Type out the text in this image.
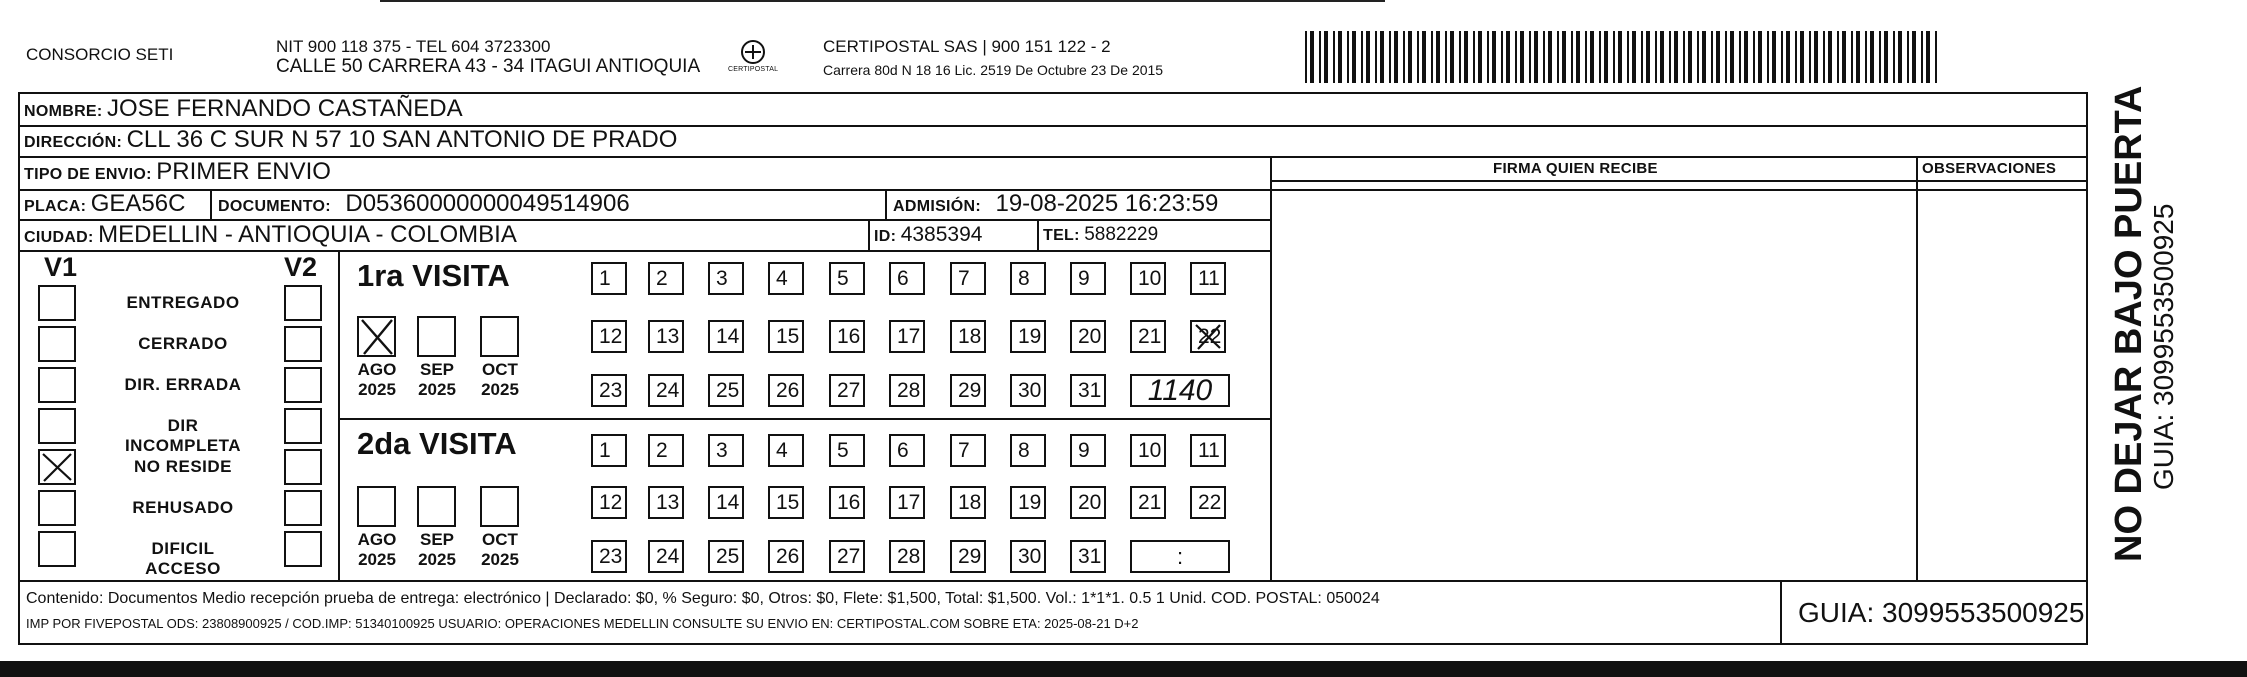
CONSORCIO SETI	NIT 900 118 375 - TEL 604 3723300
CALLE 50 CARRERA 43 - 34 ITAGUI ANTIOQUIA	CERTIPOSTAL
CERTIPOSTAL SAS | 900 151 122 - 2
Carrera 80d N 18 16 Lic. 2519 De Octubre 23 De 2015
NOMBRE: JOSE FERNANDO CASTAÑEDA
DIRECCIÓN: CLL 36 C SUR N 57 10 SAN ANTONIO DE PRADO
TIPO DE ENVIO: PRIMER ENVIO	FIRMA QUIEN RECIBE	OBSERVACIONES
PLACA: GEA56C DOCUMENTO: D05360000000049514906	ADMISIÓN: 19-08-2025 16:23:59
CIUDAD: MEDELLIN - ANTIOQUIA - COLOMBIA	ID: 4385394	TEL: 5882229
V1	V2
ENTREGADO
CERRADO
DIR. ERRADA
DIR INCOMPLETA
NO RESIDE
REHUSADO
DIFICIL ACCESO
1ra VISITA
2da VISITA
AGO
2025
SEP
2025
OCT
2025
AGO
2025
SEP
2025
OCT
2025
1	2	3	4	5	6	7	8	9	10	11
12	13	14	15	16	17	18	19	20	21	22
23	24	25	26	27	28	29	30	31	1140
1	2	3	4	5	6	7	8	9	10	11
12	13	14	15	16	17	18	19	20	21	22
23	24	25	26	27	28	29	30	31	:
Contenido: Documentos Medio recepción prueba de entrega: electrónico | Declarado: $0, % Seguro: $0, Otros: $0, Flete: $1,500, Total: $1,500. Vol.: 1*1*1. 0.5 1 Unid. COD. POSTAL: 050024
IMP POR FIVEPOSTAL ODS: 23808900925 / COD.IMP: 51340100925 USUARIO: OPERACIONES MEDELLIN CONSULTE SU ENVIO EN: CERTIPOSTAL.COM SOBRE ETA: 2025-08-21 D+2	GUIA: 3099553500925
NO DEJAR BAJO PUERTA
GUIA: 3099553500925
